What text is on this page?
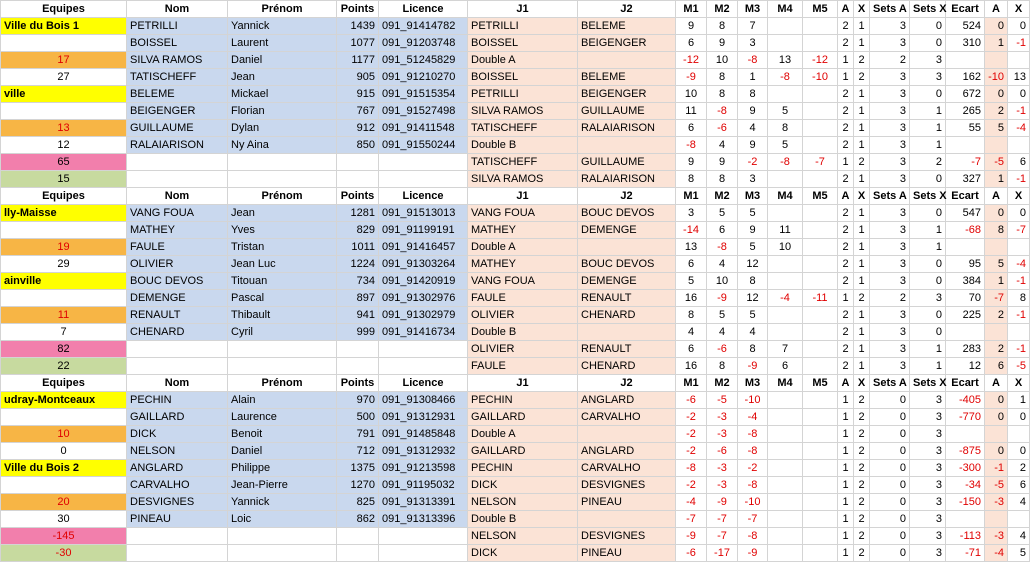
Equipes	Nom	Prénom	Points	Licence	J1	J2	M1	M2	M3	M4	M5	A	X	Sets A	Sets X	Ecart	A	X
Ville du Bois 1	PETRILLI	Yannick	1439	091_91414782	PETRILLI	BELEME	9	8	7			2	1	3	0	524	0	0
	BOISSEL	Laurent	1077	091_91203748	BOISSEL	BEIGENGER	6	9	3			2	1	3	0	310	1	-1
17	SILVA RAMOS	Daniel	1177	091_51245829	Double A		-12	10	-8	13	-12	1	2	2	3			
27	TATISCHEFF	Jean	905	091_91210270	BOISSEL	BELEME	-9	8	1	-8	-10	1	2	3	3	162	-10	13
ville	BELEME	Mickael	915	091_91515354	PETRILLI	BEIGENGER	10	8	8			2	1	3	0	672	0	0
	BEIGENGER	Florian	767	091_91527498	SILVA RAMOS	GUILLAUME	11	-8	9	5		2	1	3	1	265	2	-1
13	GUILLAUME	Dylan	912	091_91411548	TATISCHEFF	RALAIARISON	6	-6	4	8		2	1	3	1	55	5	-4
12	RALAIARISON	Ny Aina	850	091_91550244	Double B		-8	4	9	5		2	1	3	1			
65					TATISCHEFF	GUILLAUME	9	9	-2	-8	-7	1	2	3	2	-7	-5	6
15					SILVA RAMOS	RALAIARISON	8	8	3			2	1	3	0	327	1	-1
Equipes	Nom	Prénom	Points	Licence	J1	J2	M1	M2	M3	M4	M5	A	X	Sets A	Sets X	Ecart	A	X
lly-Maisse	VANG FOUA	Jean	1281	091_91513013	VANG FOUA	BOUC DEVOS	3	5	5			2	1	3	0	547	0	0
	MATHEY	Yves	829	091_91199191	MATHEY	DEMENGE	-14	6	9	11		2	1	3	1	-68	8	-7
19	FAULE	Tristan	1011	091_91416457	Double A		13	-8	5	10		2	1	3	1			
29	OLIVIER	Jean Luc	1224	091_91303264	MATHEY	BOUC DEVOS	6	4	12			2	1	3	0	95	5	-4
ainville	BOUC DEVOS	Titouan	734	091_91420919	VANG FOUA	DEMENGE	5	10	8			2	1	3	0	384	1	-1
	DEMENGE	Pascal	897	091_91302976	FAULE	RENAULT	16	-9	12	-4	-11	1	2	2	3	70	-7	8
11	RENAULT	Thibault	941	091_91302979	OLIVIER	CHENARD	8	5	5			2	1	3	0	225	2	-1
7	CHENARD	Cyril	999	091_91416734	Double B		4	4	4			2	1	3	0			
82					OLIVIER	RENAULT	6	-6	8	7		2	1	3	1	283	2	-1
22					FAULE	CHENARD	16	8	-9	6		2	1	3	1	12	6	-5
Equipes	Nom	Prénom	Points	Licence	J1	J2	M1	M2	M3	M4	M5	A	X	Sets A	Sets X	Ecart	A	X
udray-Montceaux	PECHIN	Alain	970	091_91308466	PECHIN	ANGLARD	-6	-5	-10			1	2	0	3	-405	0	1
	GAILLARD	Laurence	500	091_91312931	GAILLARD	CARVALHO	-2	-3	-4			1	2	0	3	-770	0	0
10	DICK	Benoit	791	091_91485848	Double A		-2	-3	-8			1	2	0	3			
0	NELSON	Daniel	712	091_91312932	GAILLARD	ANGLARD	-2	-6	-8			1	2	0	3	-875	0	0
Ville du Bois 2	ANGLARD	Philippe	1375	091_91213598	PECHIN	CARVALHO	-8	-3	-2			1	2	0	3	-300	-1	2
	CARVALHO	Jean-Pierre	1270	091_91195032	DICK	DESVIGNES	-2	-3	-8			1	2	0	3	-34	-5	6
20	DESVIGNES	Yannick	825	091_91313391	NELSON	PINEAU	-4	-9	-10			1	2	0	3	-150	-3	4
30	PINEAU	Loic	862	091_91313396	Double B		-7	-7	-7			1	2	0	3			
-145					NELSON	DESVIGNES	-9	-7	-8			1	2	0	3	-113	-3	4
-30					DICK	PINEAU	-6	-17	-9			1	2	0	3	-71	-4	5
